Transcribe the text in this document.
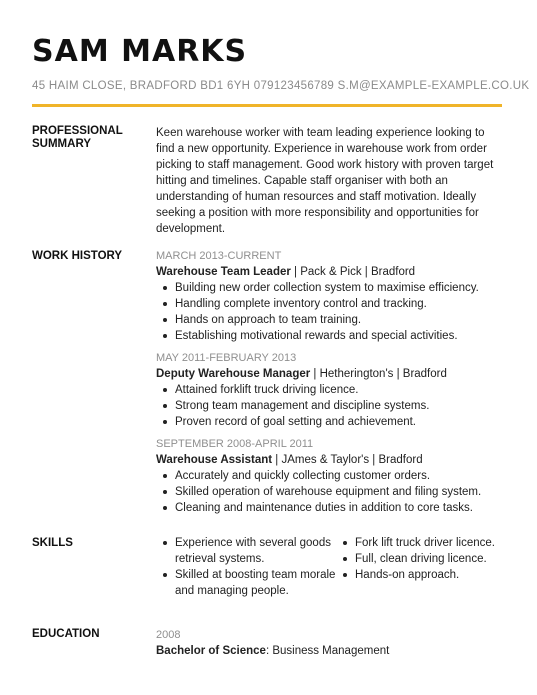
SAM MARKS
45 HAIM CLOSE, BRADFORD BD1 6YH 079123456789 S.M@EXAMPLE-EXAMPLE.CO.UK
PROFESSIONAL
SUMMARY
Keen warehouse worker with team leading experience looking to find a new opportunity. Experience in warehouse work from order picking to staff management. Good work history with proven target hitting and timelines. Capable staff organiser with both an understanding of human resources and staff motivation. Ideally seeking a position with more responsibility and opportunities for development.
WORK HISTORY	MARCH 2013-CURRENT
Warehouse Team Leader | Pack & Pick | Bradford
Building new order collection system to maximise efficiency.
Handling complete inventory control and tracking.
Hands on approach to team training.
Establishing motivational rewards and special activities.
MAY 2011-FEBRUARY 2013
Deputy Warehouse Manager | Hetherington's | Bradford
Attained forklift truck driving licence.
Strong team management and discipline systems.
Proven record of goal setting and achievement.
SEPTEMBER 2008-APRIL 2011
Warehouse Assistant | JAmes & Taylor's | Bradford
Accurately and quickly collecting customer orders.
Skilled operation of warehouse equipment and filing system.
Cleaning and maintenance duties in addition to core tasks.
SKILLS	Experience with several goods retrieval systems.
Skilled at boosting team morale and managing people.
Fork lift truck driver licence.
Full, clean driving licence.
Hands-on approach.
EDUCATION	2008
Bachelor of Science: Business Management
